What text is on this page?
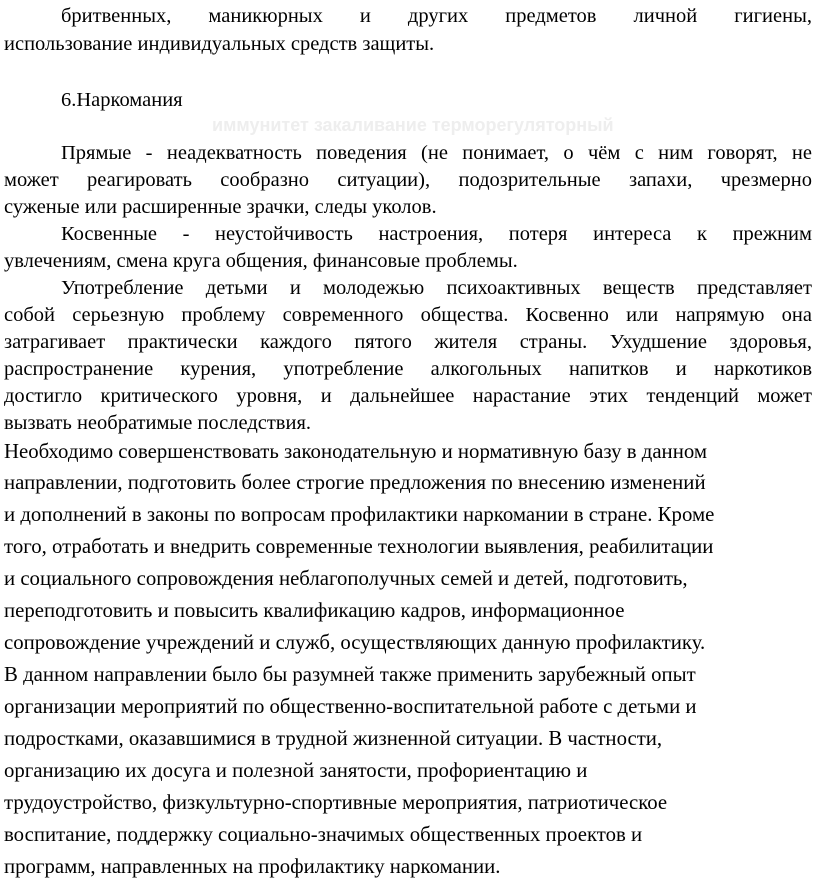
бритвенных, маникюрных и других предметов личной гигиены,
использование индивидуальных средств защиты.
6.Наркомания
иммунитет закаливание терморегуляторный
Прямые - неадекватность поведения (не понимает, о чём с ним говорят, не
может реагировать сообразно ситуации), подозрительные запахи, чрезмерно
суженые или расширенные зрачки, следы уколов.
Косвенные - неустойчивость настроения, потеря интереса к прежним
увлечениям, смена круга общения, финансовые проблемы.
Употребление детьми и молодежью психоактивных веществ представляет
собой серьезную проблему современного общества. Косвенно или напрямую она
затрагивает практически каждого пятого жителя страны. Ухудшение здоровья,
распространение курения, употребление алкогольных напитков и наркотиков
достигло критического уровня, и дальнейшее нарастание этих тенденций может
вызвать необратимые последствия.
Необходимо совершенствовать законодательную и нормативную базу в данном
направлении, подготовить более строгие предложения по внесению изменений
и дополнений в законы по вопросам профилактики наркомании в стране. Кроме
того, отработать и внедрить современные технологии выявления, реабилитации
и социального сопровождения неблагополучных семей и детей, подготовить,
переподготовить и повысить квалификацию кадров, информационное
сопровождение учреждений и служб, осуществляющих данную профилактику.
В данном направлении было бы разумней также применить зарубежный опыт
организации мероприятий по общественно-воспитательной работе с детьми и
подростками, оказавшимися в трудной жизненной ситуации. В частности,
организацию их досуга и полезной занятости, профориентацию и
трудоустройство, физкультурно-спортивные мероприятия, патриотическое
воспитание, поддержку социально-значимых общественных проектов и
программ, направленных на профилактику наркомании.
